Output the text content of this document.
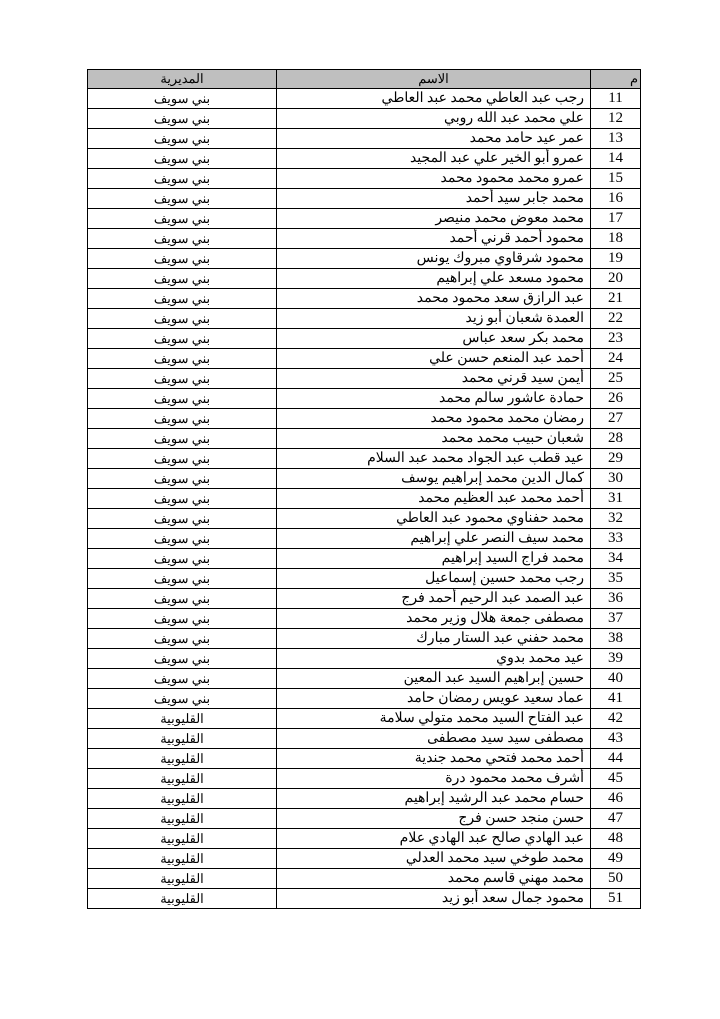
م	الاسم	المديرية
11	رجب عبد العاطي محمد عبد العاطي	بني سويف
12	علي محمد عبد الله روبي	بني سويف
13	عمر عيد حامد محمد	بني سويف
14	عمرو أبو الخير علي عبد المجيد	بني سويف
15	عمرو محمد محمود محمد	بني سويف
16	محمد جابر سيد أحمد	بني سويف
17	محمد معوض محمد منيصر	بني سويف
18	محمود أحمد قرني أحمد	بني سويف
19	محمود شرقاوي مبروك يونس	بني سويف
20	محمود مسعد علي إبراهيم	بني سويف
21	عبد الرازق سعد محمود محمد	بني سويف
22	العمدة شعبان أبو زيد	بني سويف
23	محمد بكر سعد عباس	بني سويف
24	أحمد عبد المنعم حسن علي	بني سويف
25	أيمن سيد قرني محمد	بني سويف
26	حمادة عاشور سالم محمد	بني سويف
27	رمضان محمد محمود محمد	بني سويف
28	شعبان حبيب محمد محمد	بني سويف
29	عيد قطب عبد الجواد محمد عبد السلام	بني سويف
30	كمال الدين محمد إبراهيم يوسف	بني سويف
31	أحمد محمد عبد العظيم محمد	بني سويف
32	محمد حفناوي محمود عبد العاطي	بني سويف
33	محمد سيف النصر علي إبراهيم	بني سويف
34	محمد فراج السيد إبراهيم	بني سويف
35	رجب محمد حسين إسماعيل	بني سويف
36	عبد الصمد عبد الرحيم أحمد فرج	بني سويف
37	مصطفى جمعة هلال وزير محمد	بني سويف
38	محمد حفني عبد الستار مبارك	بني سويف
39	عيد محمد بدوي	بني سويف
40	حسين إبراهيم السيد عبد المعين	بني سويف
41	عماد سعيد عويس رمضان حامد	بني سويف
42	عبد الفتاح السيد محمد متولي سلامة	القليوبية
43	مصطفى سيد سيد مصطفى	القليوبية
44	أحمد محمد فتحي محمد جندية	القليوبية
45	أشرف محمد محمود درة	القليوبية
46	حسام محمد عبد الرشيد إبراهيم	القليوبية
47	حسن منجد حسن فرج	القليوبية
48	عبد الهادي صالح عبد الهادي علام	القليوبية
49	محمد طوخي سيد محمد العدلي	القليوبية
50	محمد مهني قاسم محمد	القليوبية
51	محمود جمال سعد أبو زيد	القليوبية
